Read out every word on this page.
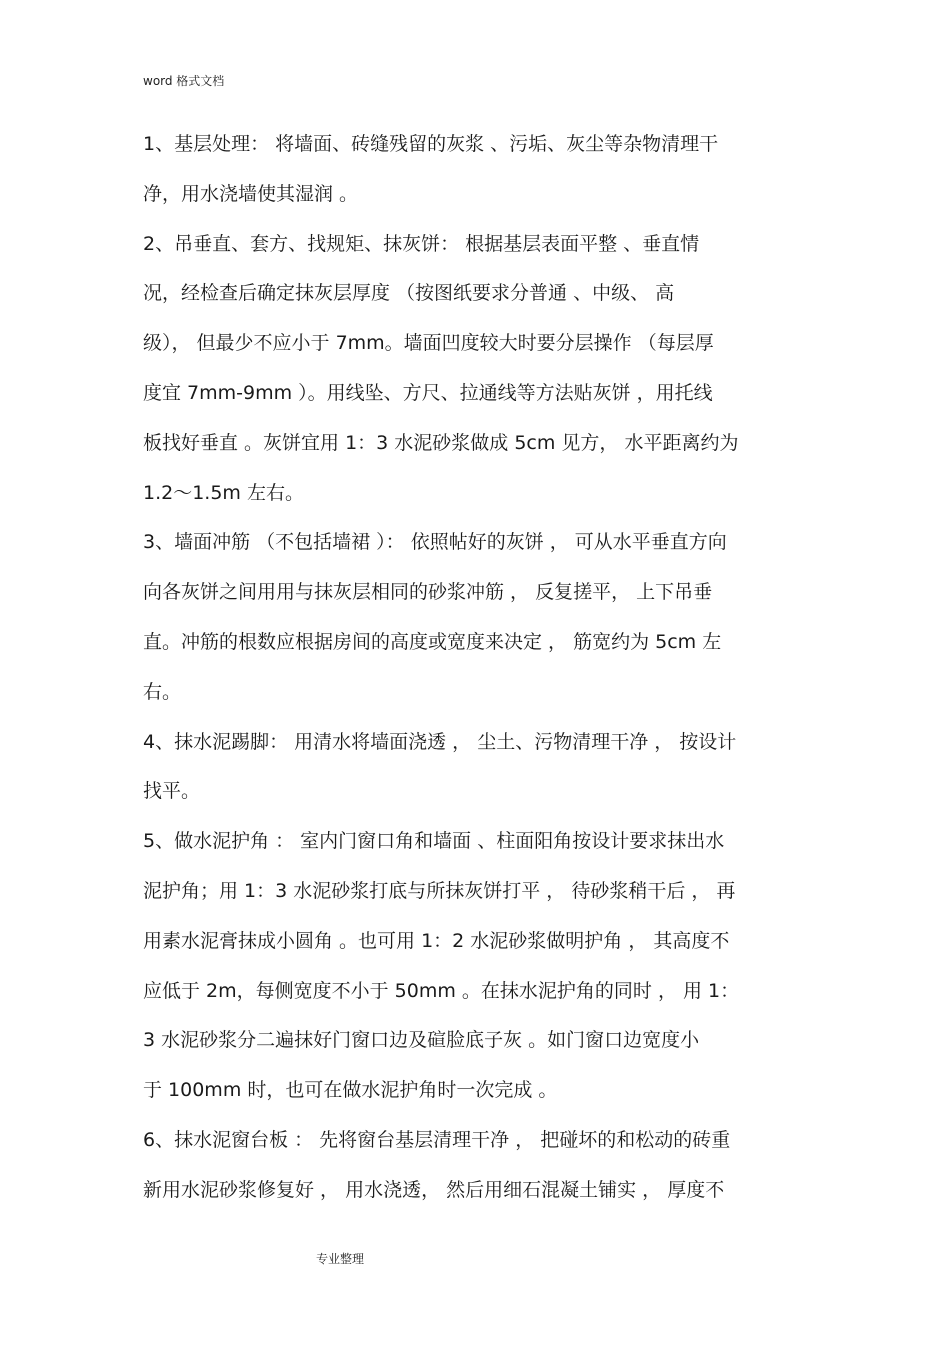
word 格式文档
1、基层处理： 将墙面、砖缝残留的灰浆 、污垢、灰尘等杂物清理干
净，用水浇墙使其湿润 。
2、吊垂直、套方、找规矩、抹灰饼： 根据基层表面平整 、垂直情
况，经检查后确定抹灰层厚度 （按图纸要求分普通 、中级、 高
级）， 但最少不应小于 7mm。墙面凹度较大时要分层操作 （每层厚
度宜 7mm-9mm ）。用线坠、方尺、拉通线等方法贴灰饼 ，用托线
板找好垂直 。灰饼宜用 1：3 水泥砂浆做成 5cm 见方， 水平距离约为
1.2～1.5m 左右。
3、墙面冲筋 （不包括墙裙 ）： 依照帖好的灰饼 ， 可从水平垂直方向
向各灰饼之间用用与抹灰层相同的砂浆冲筋 ， 反复搓平， 上下吊垂
直。冲筋的根数应根据房间的高度或宽度来决定 ， 筋宽约为 5cm 左
右。
4、抹水泥踢脚： 用清水将墙面浇透 ， 尘土、污物清理干净 ， 按设计
找平。
5、做水泥护角 ： 室内门窗口角和墙面 、柱面阳角按设计要求抹出水
泥护角；用 1：3 水泥砂浆打底与所抹灰饼打平 ， 待砂浆稍干后 ， 再
用素水泥膏抹成小圆角 。也可用 1：2 水泥砂浆做明护角 ， 其高度不
应低于 2m，每侧宽度不小于 50mm 。在抹水泥护角的同时 ， 用 1：
3 水泥砂浆分二遍抹好门窗口边及碹脸底子灰 。如门窗口边宽度小
于 100mm 时，也可在做水泥护角时一次完成 。
6、抹水泥窗台板 ： 先将窗台基层清理干净 ， 把碰坏的和松动的砖重
新用水泥砂浆修复好 ， 用水浇透， 然后用细石混凝土铺实 ， 厚度不
专业整理
